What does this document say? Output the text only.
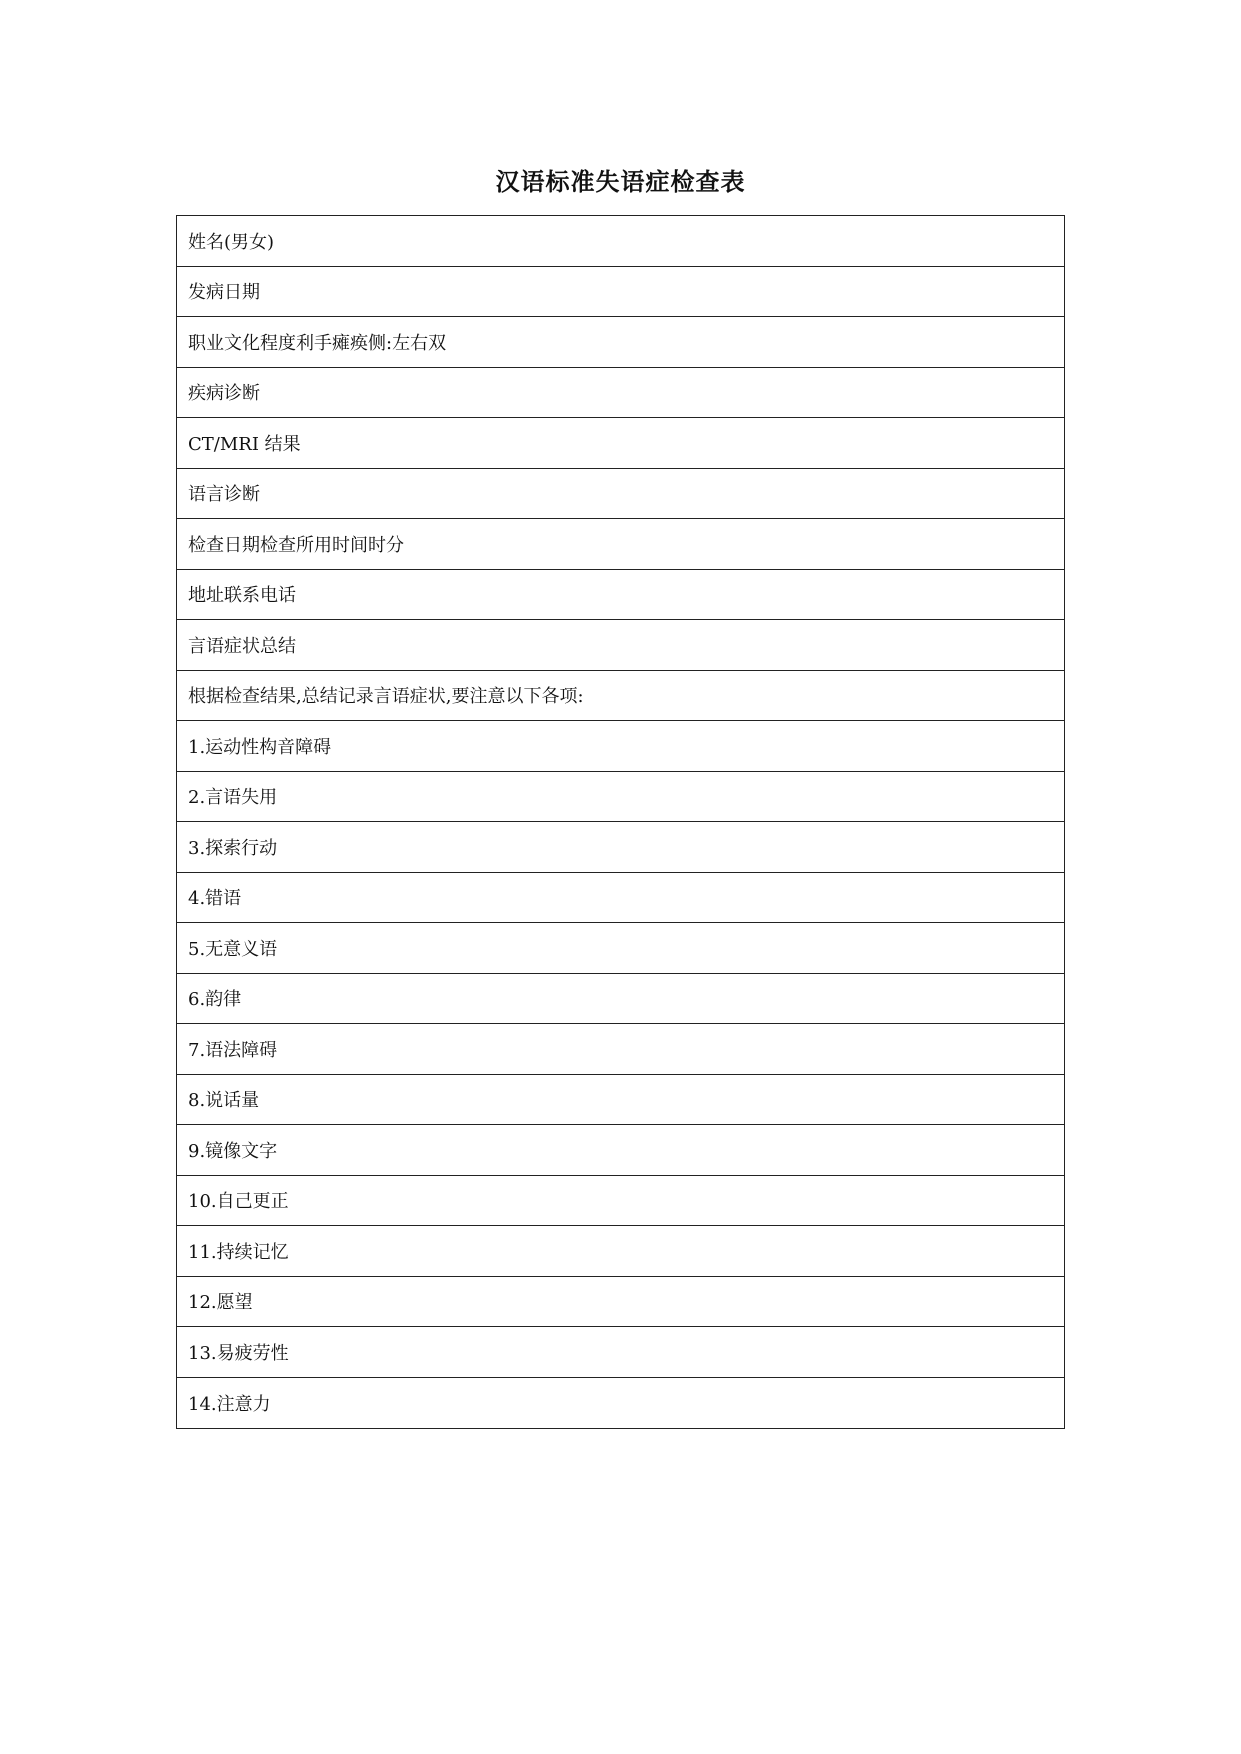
汉语标准失语症检查表
姓名(男女)
发病日期
职业文化程度利手瘫痪侧:左右双
疾病诊断
CT/MRI 结果
语言诊断
检查日期检查所用时间时分
地址联系电话
言语症状总结
根据检查结果,总结记录言语症状,要注意以下各项:
1.运动性构音障碍
2.言语失用
3.探索行动
4.错语
5.无意义语
6.韵律
7.语法障碍
8.说话量
9.镜像文字
10.自己更正
11.持续记忆
12.愿望
13.易疲劳性
14.注意力
